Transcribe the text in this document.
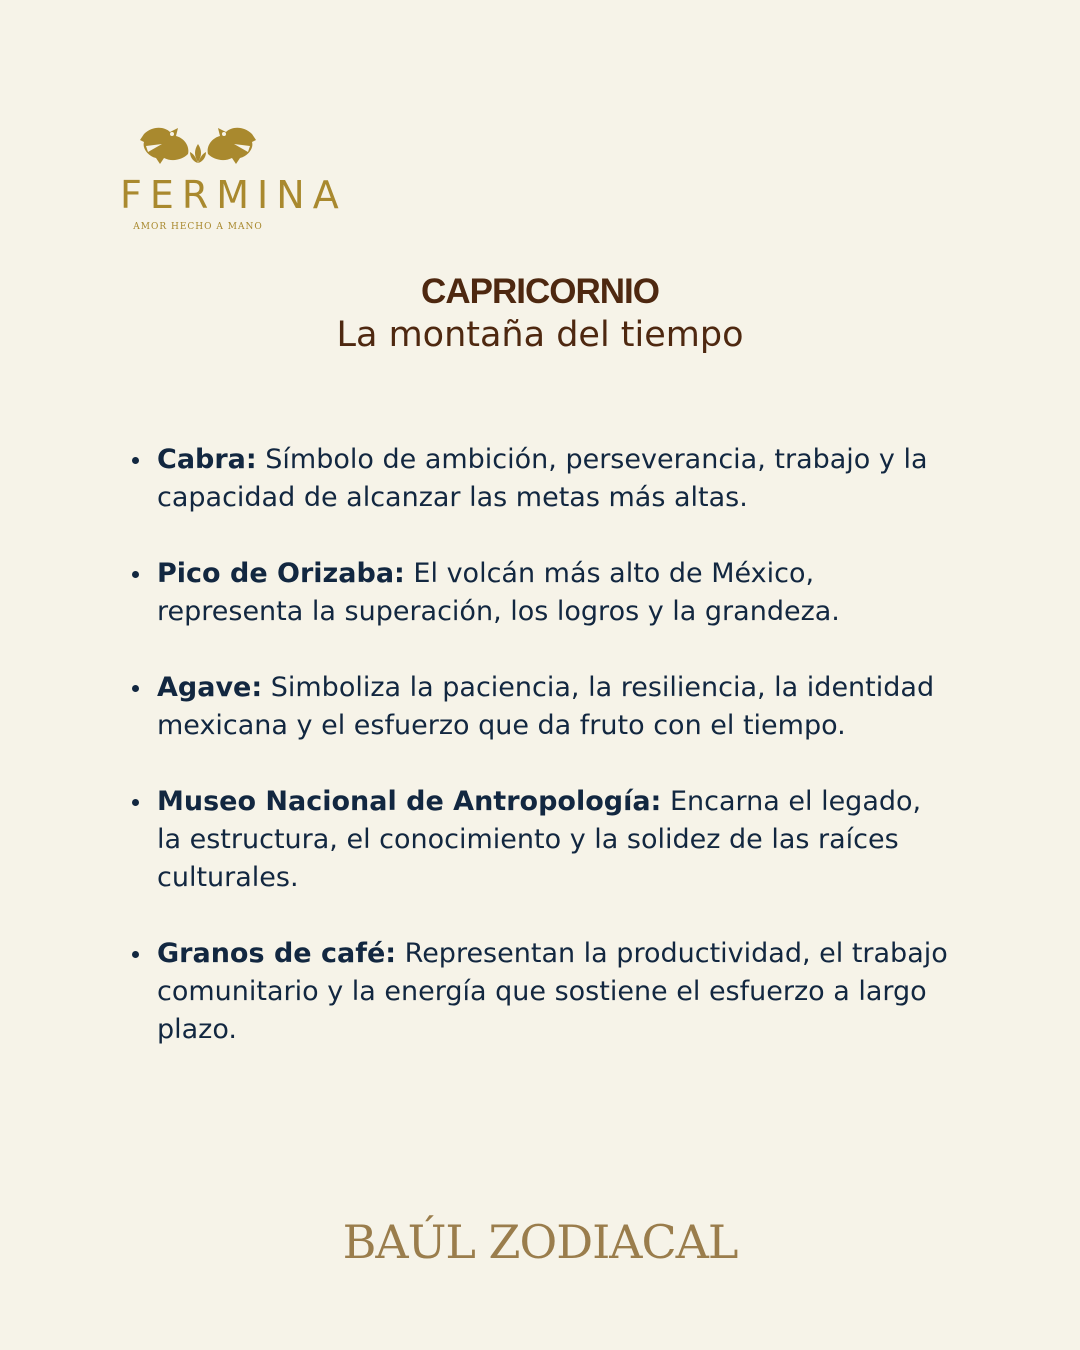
FERMINA
AMOR HECHO A MANO
CAPRICORNIO
La montaña del tiempo
Cabra: Símbolo de ambición, perseverancia, trabajo y la capacidad de alcanzar las metas más altas.
Pico de Orizaba: El volcán más alto de México, representa la superación, los logros y la grandeza.
Agave: Simboliza la paciencia, la resiliencia, la identidad mexicana y el esfuerzo que da fruto con el tiempo.
Museo Nacional de Antropología: Encarna el legado, la estructura, el conocimiento y la solidez de las raíces culturales.
Granos de café: Representan la productividad, el trabajo comunitario y la energía que sostiene el esfuerzo a largo plazo.
BAÚL ZODIACAL
